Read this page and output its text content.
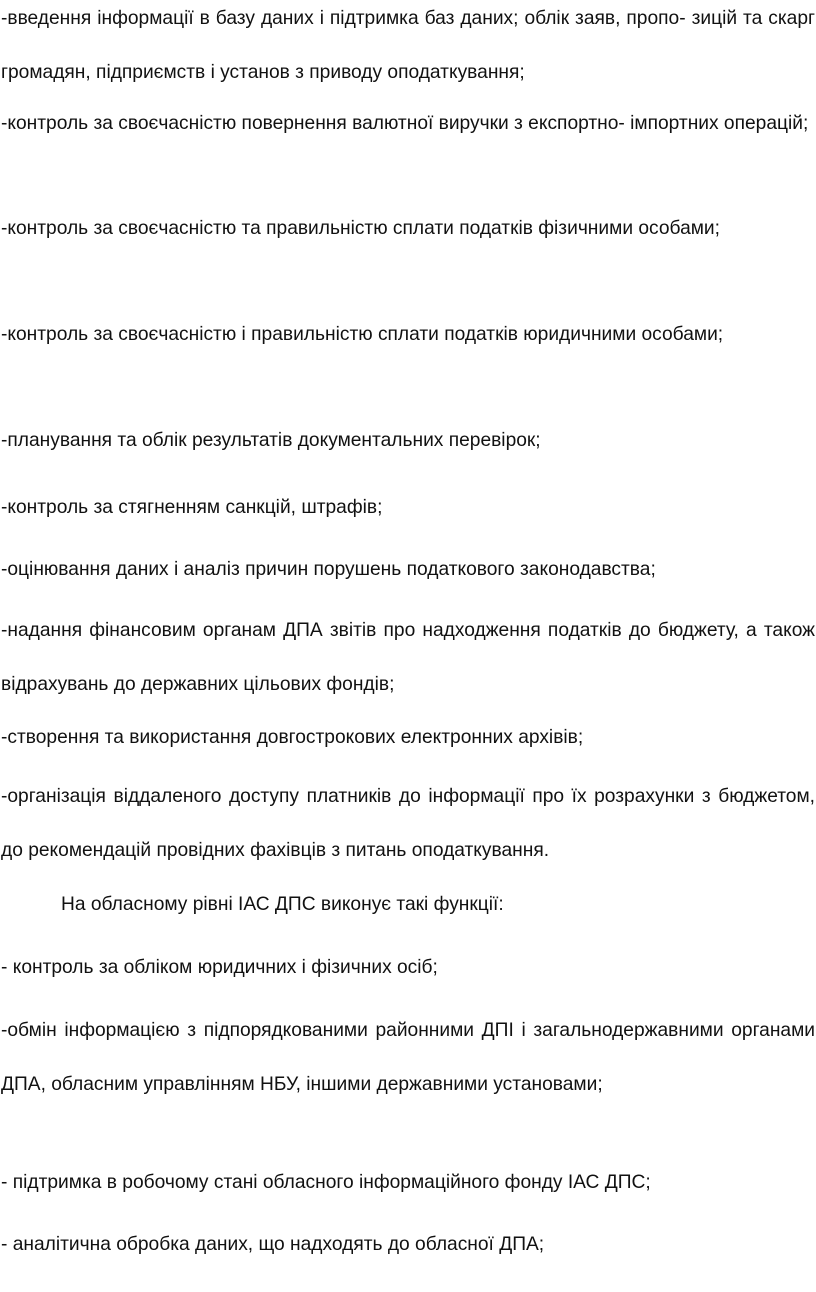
-введення інформації в базу даних і підтримка баз даних; облік заяв, пропо- зицій та скарг громадян, підприємств і установ з приводу оподаткування;

-контроль за своєчасністю повернення валютної виручки з експортно- імпортних операцій;

-контроль за своєчасністю та правильністю сплати податків фізичними особами;

-контроль за своєчасністю і правильністю сплати податків юридичними особами;

-планування та облік результатів документальних перевірок;

-контроль за стягненням санкцій, штрафів;

-оцінювання даних і аналіз причин порушень податкового законодавства;

-надання фінансовим органам ДПА звітів про надходження податків до бюджету, а також відрахувань до державних цільових фондів;

-створення та використання довгострокових електронних архівів;

-організація віддаленого доступу платників до інформації про їх розрахунки з бюджетом, до рекомендацій провідних фахівців з питань оподаткування.

На обласному рівні ІАС ДПС виконує такі функції:

- контроль за обліком юридичних і фізичних осіб;

-обмін інформацією з підпорядкованими районними ДПІ і загальнодержавними органами ДПА, обласним управлінням НБУ, іншими державними установами;

- підтримка в робочому стані обласного інформаційного фонду ІАС ДПС;

- аналітична обробка даних, що надходять до обласної ДПА;
